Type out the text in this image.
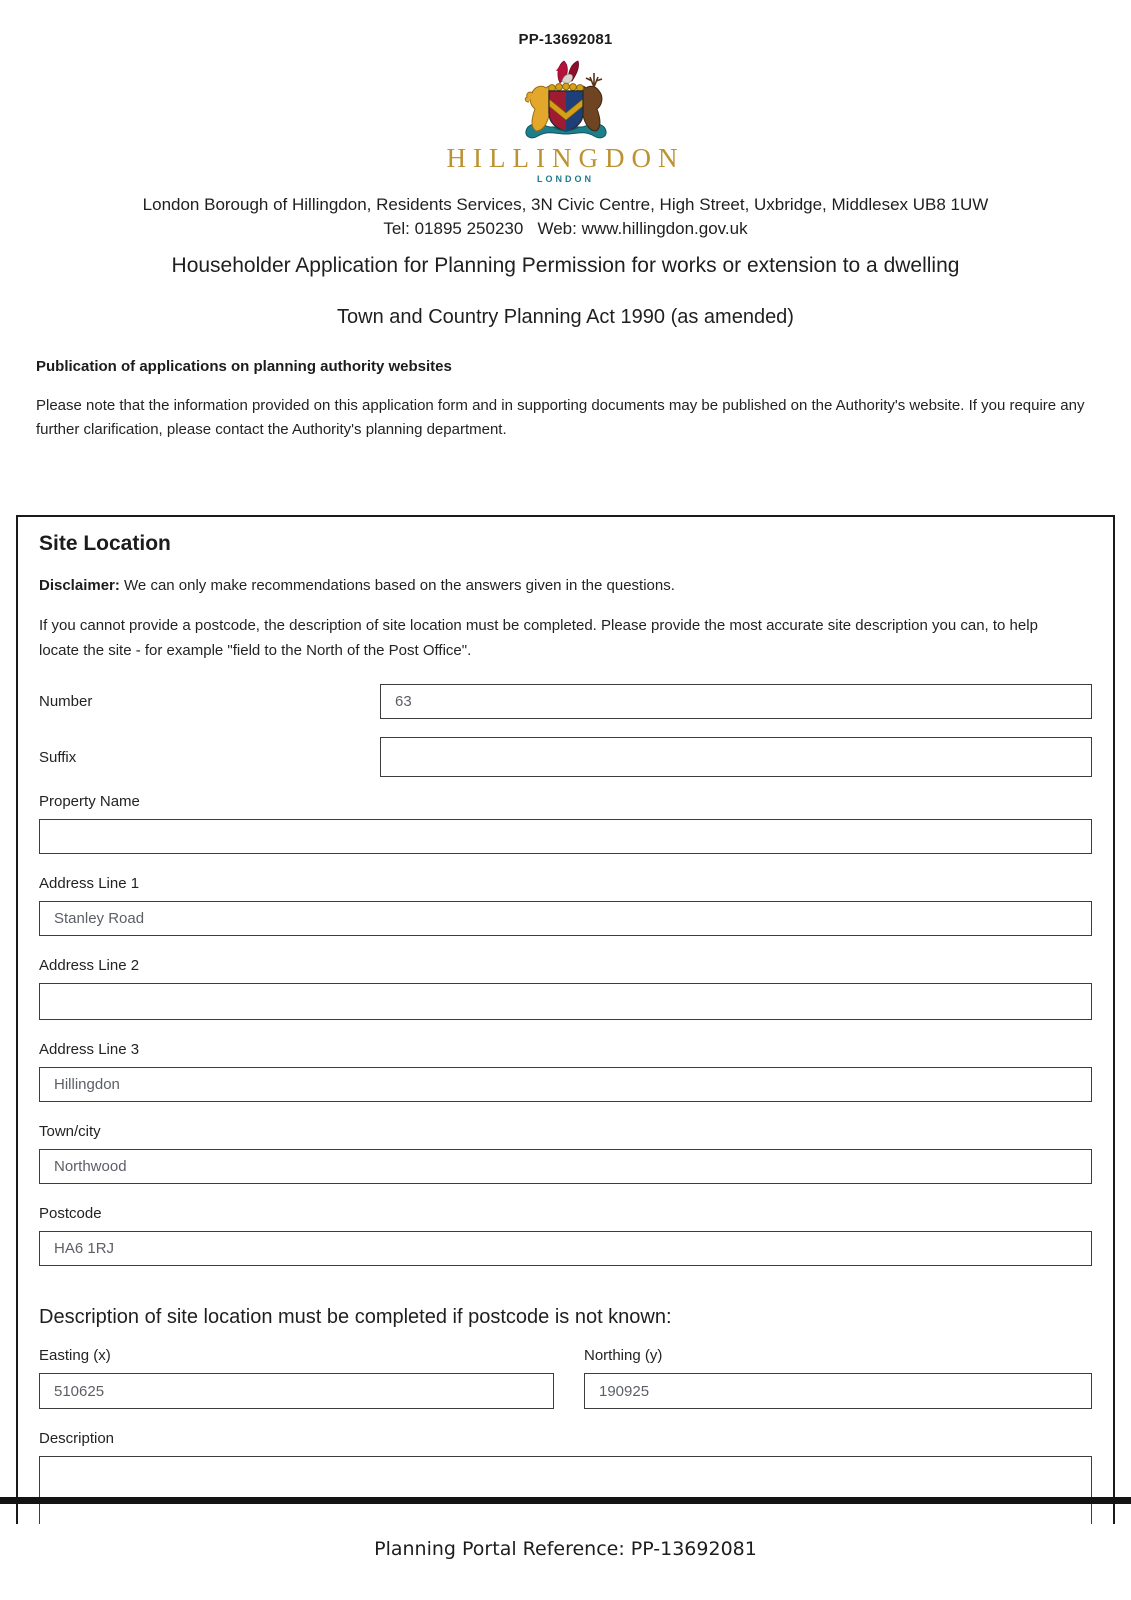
PP-13692081
HILLINGDON
LONDON
London Borough of Hillingdon, Residents Services, 3N Civic Centre, High Street, Uxbridge, Middlesex UB8 1UW
Tel: 01895 250230   Web: www.hillingdon.gov.uk
Householder Application for Planning Permission for works or extension to a dwelling
Town and Country Planning Act 1990 (as amended)
Publication of applications on planning authority websites
Please note that the information provided on this application form and in supporting documents may be published on the Authority's website. If you require any further clarification, please contact the Authority's planning department.
Site Location
Disclaimer: We can only make recommendations based on the answers given in the questions.
If you cannot provide a postcode, the description of site location must be completed. Please provide the most accurate site description you can, to help locate the site - for example "field to the North of the Post Office".
Number
63
Suffix
Property Name
Address Line 1
Stanley Road
Address Line 2
Address Line 3
Hillingdon
Town/city
Northwood
Postcode
HA6 1RJ
Description of site location must be completed if postcode is not known:
Easting (x)
510625	Northing (y)
190925
Description
Planning Portal Reference: PP-13692081
